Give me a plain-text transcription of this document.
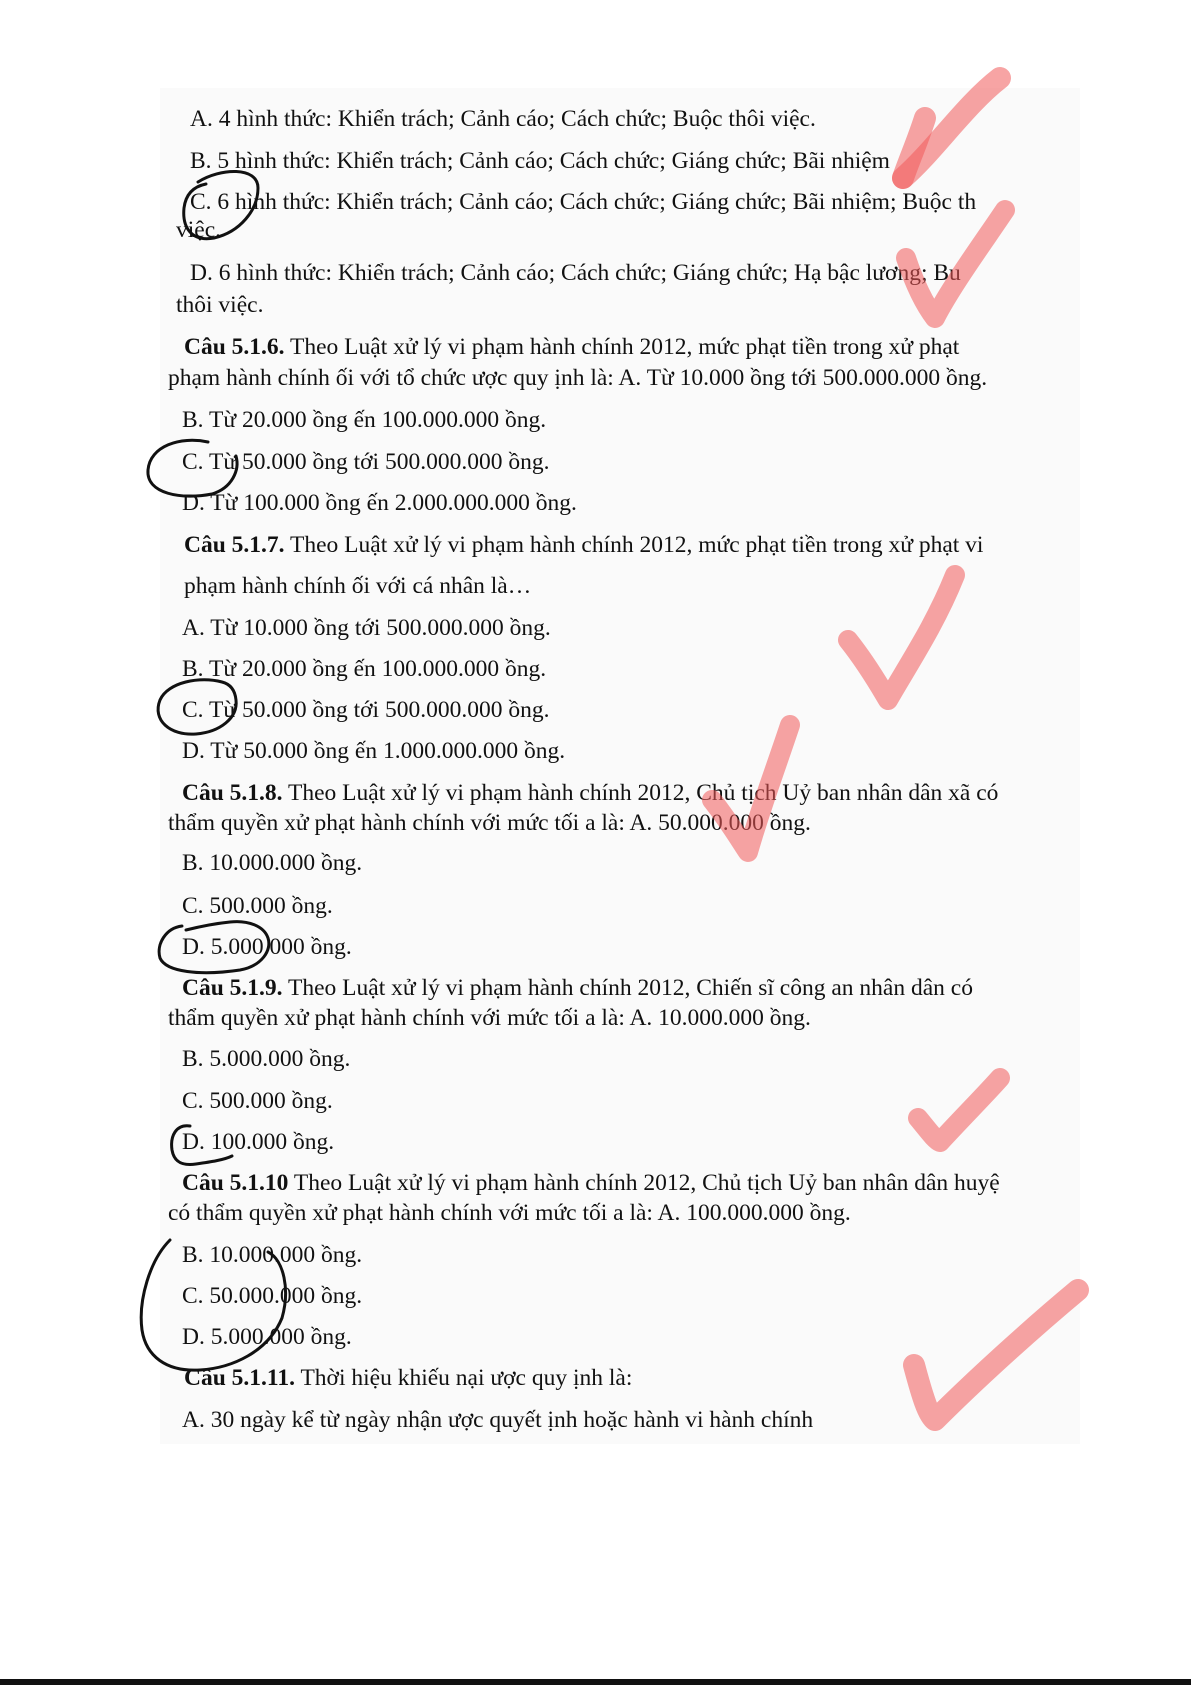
A. 4 hình thức: Khiển trách; Cảnh cáo; Cách chức; Buộc thôi việc.
B. 5 hình thức: Khiển trách; Cảnh cáo; Cách chức; Giáng chức; Bãi nhiệm
C. 6 hình thức: Khiển trách; Cảnh cáo; Cách chức; Giáng chức; Bãi nhiệm; Buộc th
việc.
D. 6 hình thức: Khiển trách; Cảnh cáo; Cách chức; Giáng chức; Hạ bậc lương; Bu
thôi việc.
Câu 5.1.6. Theo Luật xử lý vi phạm hành chính 2012, mức phạt tiền trong xử phạt
phạm hành chính ối với tổ chức ược quy ịnh là: A. Từ 10.000 ồng tới 500.000.000 ồng.
B. Từ 20.000 ồng ến 100.000.000 ồng.
C. Từ 50.000 ồng tới 500.000.000 ồng.
D. Từ 100.000 ồng ến 2.000.000.000 ồng.
Câu 5.1.7. Theo Luật xử lý vi phạm hành chính 2012, mức phạt tiền trong xử phạt vi
phạm hành chính ối với cá nhân là…
A. Từ 10.000 ồng tới 500.000.000 ồng.
B. Từ 20.000 ồng ến 100.000.000 ồng.
C. Từ 50.000 ồng tới 500.000.000 ồng.
D. Từ 50.000 ồng ến 1.000.000.000 ồng.
Câu 5.1.8. Theo Luật xử lý vi phạm hành chính 2012, Chủ tịch Uỷ ban nhân dân xã có
thẩm quyền xử phạt hành chính với mức tối a là: A. 50.000.000 ồng.
B. 10.000.000 ồng.
C. 500.000 ồng.
D. 5.000.000 ồng.
Câu 5.1.9. Theo Luật xử lý vi phạm hành chính 2012, Chiến sĩ công an nhân dân có
thẩm quyền xử phạt hành chính với mức tối a là: A. 10.000.000 ồng.
B. 5.000.000 ồng.
C. 500.000 ồng.
D. 100.000 ồng.
Câu 5.1.10 Theo Luật xử lý vi phạm hành chính 2012, Chủ tịch Uỷ ban nhân dân huyệ
có thẩm quyền xử phạt hành chính với mức tối a là: A. 100.000.000 ồng.
B. 10.000.000 ồng.
C. 50.000.000 ồng.
D. 5.000.000 ồng.
Câu 5.1.11. Thời hiệu khiếu nại ược quy ịnh là:
A. 30 ngày kể từ ngày nhận ược quyết ịnh hoặc hành vi hành chính
